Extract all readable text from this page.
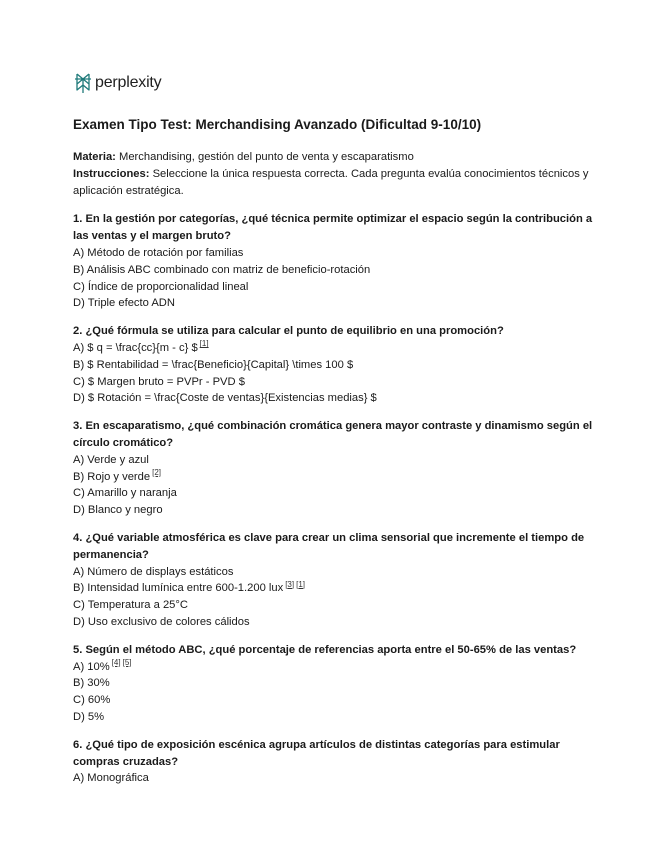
perplexity
Examen Tipo Test: Merchandising Avanzado (Dificultad 9-10/10)

Materia: Merchandising, gestión del punto de venta y escaparatismo

Instrucciones: Seleccione la única respuesta correcta. Cada pregunta evalúa conocimientos técnicos y aplicación estratégica.

1. En la gestión por categorías, ¿qué técnica permite optimizar el espacio según la contribución a las ventas y el margen bruto?

A) Método de rotación por familias

B) Análisis ABC combinado con matriz de beneficio-rotación

C) Índice de proporcionalidad lineal

D) Triple efecto ADN

2. ¿Qué fórmula se utiliza para calcular el punto de equilibrio en una promoción?

A) $ q = \frac{cc}{m - c} $ [1]

B) $ Rentabilidad = \frac{Beneficio}{Capital} \times 100 $

C) $ Margen bruto = PVPr - PVD $

D) $ Rotación = \frac{Coste de ventas}{Existencias medias} $

3. En escaparatismo, ¿qué combinación cromática genera mayor contraste y dinamismo según el círculo cromático?

A) Verde y azul

B) Rojo y verde [2]

C) Amarillo y naranja

D) Blanco y negro

4. ¿Qué variable atmosférica es clave para crear un clima sensorial que incremente el tiempo de permanencia?

A) Número de displays estáticos

B) Intensidad lumínica entre 600-1.200 lux [3] [1]

C) Temperatura a 25°C

D) Uso exclusivo de colores cálidos

5. Según el método ABC, ¿qué porcentaje de referencias aporta entre el 50-65% de las ventas?

A) 10% [4] [5]

B) 30%

C) 60%

D) 5%

6. ¿Qué tipo de exposición escénica agrupa artículos de distintas categorías para estimular compras cruzadas?

A) Monográfica
